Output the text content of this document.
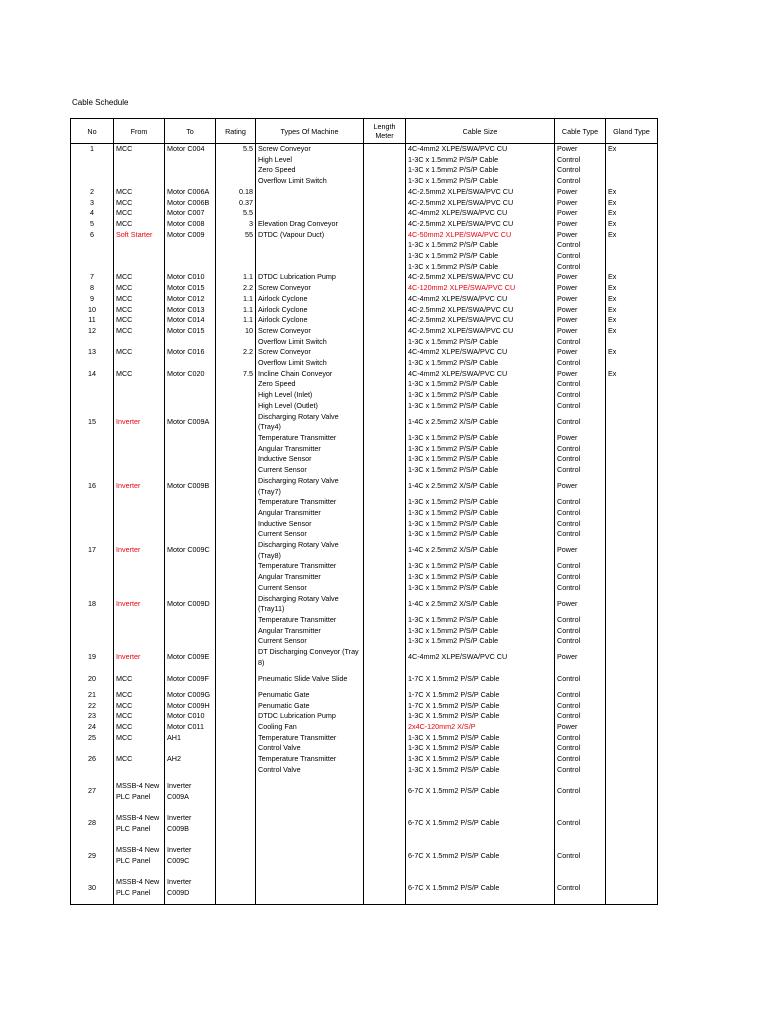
Cable Schedule
No	From	To	Rating	Types Of Machine	Length Meter	Cable Size	Cable Type	Gland Type
1	MCC	Motor C004	5.5	Screw Conveyor		4C-4mm2 XLPE/SWA/PVC CU	Power	Ex
				High Level		1-3C x 1.5mm2 P/S/P Cable	Control	
				Zero Speed		1-3C x 1.5mm2 P/S/P Cable	Control	
				Overflow Limit Switch		1-3C x 1.5mm2 P/S/P Cable	Control	
2	MCC	Motor C006A	0.18			4C-2.5mm2 XLPE/SWA/PVC CU	Power	Ex
3	MCC	Motor C006B	0.37			4C-2.5mm2 XLPE/SWA/PVC CU	Power	Ex
4	MCC	Motor C007	5.5			4C-4mm2 XLPE/SWA/PVC CU	Power	Ex
5	MCC	Motor C008	3	Elevation Drag Conveyor		4C-2.5mm2 XLPE/SWA/PVC CU	Power	Ex
6	Soft Starter	Motor C009	55	DTDC (Vapour Duct)		4C-50mm2 XLPE/SWA/PVC CU	Power	Ex
						1-3C x 1.5mm2 P/S/P Cable	Control	
						1-3C x 1.5mm2 P/S/P Cable	Control	
						1-3C x 1.5mm2 P/S/P Cable	Control	
7	MCC	Motor C010	1.1	DTDC Lubrication Pump		4C-2.5mm2 XLPE/SWA/PVC CU	Power	Ex
8	MCC	Motor C015	2.2	Screw Conveyor		4C-120mm2 XLPE/SWA/PVC CU	Power	Ex
9	MCC	Motor C012	1.1	Airlock Cyclone		4C-4mm2 XLPE/SWA/PVC CU	Power	Ex
10	MCC	Motor C013	1.1	Airlock Cyclone		4C-2.5mm2 XLPE/SWA/PVC CU	Power	Ex
11	MCC	Motor C014	1.1	Airlock Cyclone		4C-2.5mm2 XLPE/SWA/PVC CU	Power	Ex
12	MCC	Motor C015	10	Screw Conveyor		4C-2.5mm2 XLPE/SWA/PVC CU	Power	Ex
				Overflow Limit Switch		1-3C x 1.5mm2 P/S/P Cable	Control	
13	MCC	Motor C016	2.2	Screw Conveyor		4C-4mm2 XLPE/SWA/PVC CU	Power	Ex
				Overflow Limit Switch		1-3C x 1.5mm2 P/S/P Cable	Control	
14	MCC	Motor C020	7.5	Incline Chain Conveyor		4C-4mm2 XLPE/SWA/PVC CU	Power	Ex
				Zero Speed		1-3C x 1.5mm2 P/S/P Cable	Control	
				High Level (Inlet)		1-3C x 1.5mm2 P/S/P Cable	Control	
				High Level (Outlet)		1-3C x 1.5mm2 P/S/P Cable	Control	
15	Inverter	Motor C009A		Discharging Rotary Valve (Tray4)		1-4C x 2.5mm2 X/S/P Cable	Control	
				Temperature Transmitter		1-3C x 1.5mm2 P/S/P Cable	Power	
				Angular Transmitter		1-3C x 1.5mm2 P/S/P Cable	Control	
				Inductive Sensor		1-3C x 1.5mm2 P/S/P Cable	Control	
				Current Sensor		1-3C x 1.5mm2 P/S/P Cable	Control	
16	Inverter	Motor C009B		Discharging Rotary Valve (Tray7)		1-4C x 2.5mm2 X/S/P Cable	Power	
				Temperature Transmitter		1-3C x 1.5mm2 P/S/P Cable	Control	
				Angular Transmitter		1-3C x 1.5mm2 P/S/P Cable	Control	
				Inductive Sensor		1-3C x 1.5mm2 P/S/P Cable	Control	
				Current Sensor		1-3C x 1.5mm2 P/S/P Cable	Control	
17	Inverter	Motor C009C		Discharging Rotary Valve (Tray8)		1-4C x 2.5mm2 X/S/P Cable	Power	
				Temperature Transmitter		1-3C x 1.5mm2 P/S/P Cable	Control	
				Angular Transmitter		1-3C x 1.5mm2 P/S/P Cable	Control	
				Current Sensor		1-3C x 1.5mm2 P/S/P Cable	Control	
18	Inverter	Motor C009D		Discharging Rotary Valve (Tray11)		1-4C x 2.5mm2 X/S/P Cable	Power	
				Temperature Transmitter		1-3C x 1.5mm2 P/S/P Cable	Control	
				Angular Transmitter		1-3C x 1.5mm2 P/S/P Cable	Control	
				Current Sensor		1-3C x 1.5mm2 P/S/P Cable	Control	
19	Inverter	Motor C009E		DT Discharging Conveyor (Tray 8)		4C-4mm2 XLPE/SWA/PVC CU	Power	
20	MCC	Motor C009F		Pneumatic Slide Valve Slide		1-7C X 1.5mm2 P/S/P Cable	Control	
21	MCC	Motor C009G		Penumatic Gate		1-7C X 1.5mm2 P/S/P Cable	Control	
22	MCC	Motor C009H		Penumatic Gate		1-7C X 1.5mm2 P/S/P Cable	Control	
23	MCC	Motor C010		DTDC Lubrication Pump		1-3C X 1.5mm2 P/S/P Cable	Control	
24	MCC	Motor C011		Cooling Fan		2x4C-120mm2 X/S/P	Power	
25	MCC	AH1		Temperature Transmitter		1-3C X 1.5mm2 P/S/P Cable	Control	
				Control Valve		1-3C X 1.5mm2 P/S/P Cable	Control	
26	MCC	AH2		Temperature Transmitter		1-3C X 1.5mm2 P/S/P Cable	Control	
				Control Valve		1-3C X 1.5mm2 P/S/P Cable	Control	
27	MSSB-4 New PLC Panel	Inverter C009A				6-7C X 1.5mm2 P/S/P Cable	Control	
28	MSSB-4 New PLC Panel	Inverter C009B				6-7C X 1.5mm2 P/S/P Cable	Control	
29	MSSB-4 New PLC Panel	Inverter C009C				6-7C X 1.5mm2 P/S/P Cable	Control	
30	MSSB-4 New PLC Panel	Inverter C009D				6-7C X 1.5mm2 P/S/P Cable	Control	
